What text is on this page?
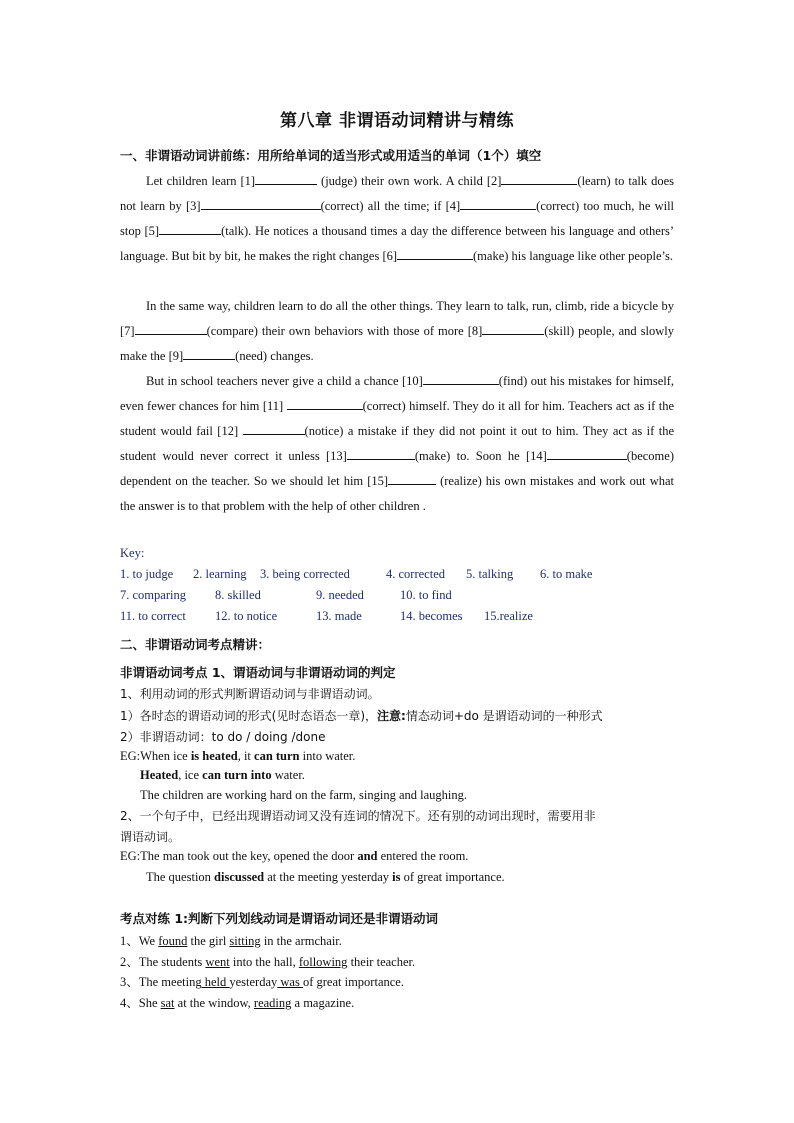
第八章 非谓语动词精讲与精练
一、非谓语动词讲前练：用所给单词的适当形式或用适当的单词（1个）填空
Let children learn [1]	(judge) their own work. A child [2]	(learn) to talk does not learn by [3]	(correct) all the time; if [4]	(correct) too much, he will stop [5]	(talk). He notices a thousand times a day the difference between his language and others’ language. But bit by bit, he makes the right changes [6]	(make) his language like other people’s.
In the same way, children learn to do all the other things. They learn to talk, run, climb, ride a bicycle by [7]	(compare) their own behaviors with those of more [8]	(skill) people, and slowly make the [9]	(need) changes.
But in school teachers never give a child a chance [10]	(find) out his mistakes for himself, even fewer chances for him [11]	(correct) himself. They do it all for him. Teachers act as if the student would fail [12]	(notice) a mistake if they did not point it out to him. They act as if the student would never correct it unless [13]	(make) to. Soon he [14]	(become) dependent on the teacher. So we should let him [15]	(realize) his own mistakes and work out what the answer is to that problem with the help of other children .
Key:
1. to judge 2. learning 3. being corrected	4. corrected 5. talking 6. to make
7. comparing 8. skilled	9. needed	10. to find
11. to correct 12. to notice	13. made	14. becomes 15.realize
二、非谓语动词考点精讲：
非谓语动词考点 1、谓语动词与非谓语动词的判定
1、利用动词的形式判断谓语动词与非谓语动词。
1）各时态的谓语动词的形式(见时态语态一章)，注意:情态动词+do 是谓语动词的一种形式
2）非谓语动词：to do / doing /done
EG:When ice is heated, it can turn into water.
Heated, ice can turn into water.
The children are working hard on the farm, singing and laughing.
2、一个句子中，已经出现谓语动词又没有连词的情况下。还有别的动词出现时，需要用非
谓语动词。
EG:The man took out the key, opened the door and entered the room.
The question discussed at the meeting yesterday is of great importance.
考点对练 1:判断下列划线动词是谓语动词还是非谓语动词
1、We found the girl sitting in the armchair.
2、The students went into the hall, following their teacher.
3、The meeting held yesterday was of great importance.
4、She sat at the window, reading a magazine.
